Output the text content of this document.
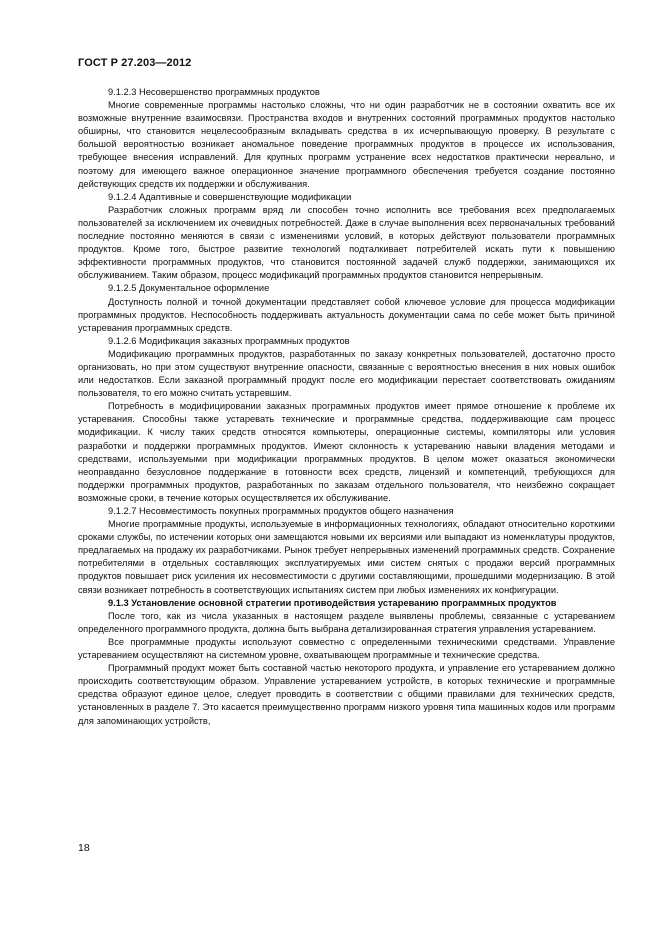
ГОСТ Р 27.203—2012

9.1.2.3 Несовершенство программных продуктов

Многие современные программы настолько сложны, что ни один разработчик не в состоянии охватить все их возможные внутренние взаимосвязи. Пространства входов и внутренних состояний программных продуктов настолько обширны, что становится нецелесообразным вкладывать средства в их исчерпывающую проверку. В результате с большой вероятностью возникает аномальное поведение программных продуктов в процессе их использования, требующее внесения исправлений. Для крупных программ устранение всех недостатков практически нереально, и поэтому для имеющего важное операционное значение программного обеспечения требуется создание постоянно действующих средств их поддержки и обслуживания.

9.1.2.4 Адаптивные и совершенствующие модификации

Разработчик сложных программ вряд ли способен точно исполнить все требования всех предполагаемых пользователей за исключением их очевидных потребностей. Даже в случае выполнения всех первоначальных требований последние постоянно меняются в связи с изменениями условий, в которых действуют пользователи программных продуктов. Кроме того, быстрое развитие технологий подталкивает потребителей искать пути к повышению эффективности программных продуктов, что становится постоянной задачей служб поддержки, занимающихся их обслуживанием. Таким образом, процесс модификаций программных продуктов становится непрерывным.

9.1.2.5 Документальное оформление

Доступность полной и точной документации представляет собой ключевое условие для процесса модификации программных продуктов. Неспособность поддерживать актуальность документации сама по себе может быть причиной устаревания программных средств.

9.1.2.6 Модификация заказных программных продуктов

Модификацию программных продуктов, разработанных по заказу конкретных пользователей, достаточно просто организовать, но при этом существуют внутренние опасности, связанные с вероятностью внесения в них новых ошибок или недостатков. Если заказной программный продукт после его модификации перестает соответствовать ожиданиям пользователя, то его можно считать устаревшим.

Потребность в модифицировании заказных программных продуктов имеет прямое отношение к проблеме их устаревания. Способны также устаревать технические и программные средства, поддерживающие сам процесс модификации. К числу таких средств относятся компьютеры, операционные системы, компиляторы или условия разработки и поддержки программных продуктов. Имеют склонность к устареванию навыки владения методами и средствами, используемыми при модификации программных продуктов. В целом может оказаться экономически неоправданно безусловное поддержание в готовности всех средств, лицензий и компетенций, требующихся для поддержки программных продуктов, разработанных по заказам отдельного пользователя, что неизбежно сокращает возможные сроки, в течение которых осуществляется их обслуживание.

9.1.2.7 Несовместимость покупных программных продуктов общего назначения

Многие программные продукты, используемые в информационных технологиях, обладают относительно короткими сроками службы, по истечении которых они замещаются новыми их версиями или выпадают из номенклатуры продуктов, предлагаемых на продажу их разработчиками. Рынок требует непрерывных изменений программных средств. Сохранение потребителями в отдельных составляющих эксплуатируемых ими систем снятых с продажи версий программных продуктов повышает риск усиления их несовместимости с другими составляющими, прошедшими модернизацию. В этой связи возникает потребность в соответствующих испытаниях систем при любых изменениях их конфигурации.

9.1.3 Установление основной стратегии противодействия устареванию программных продуктов

После того, как из числа указанных в настоящем разделе выявлены проблемы, связанные с устареванием определенного программного продукта, должна быть выбрана детализированная стратегия управления устареванием.

Все программные продукты используют совместно с определенными техническими средствами. Управление устареванием осуществляют на системном уровне, охватывающем программные и технические средства.

Программный продукт может быть составной частью некоторого продукта, и управление его устареванием должно происходить соответствующим образом. Управление устареванием устройств, в которых технические и программные средства образуют единое целое, следует проводить в соответствии с общими правилами для технических средств, установленных в разделе 7. Это касается преимущественно программ низкого уровня типа машинных кодов или программ для запоминающих устройств,

18
